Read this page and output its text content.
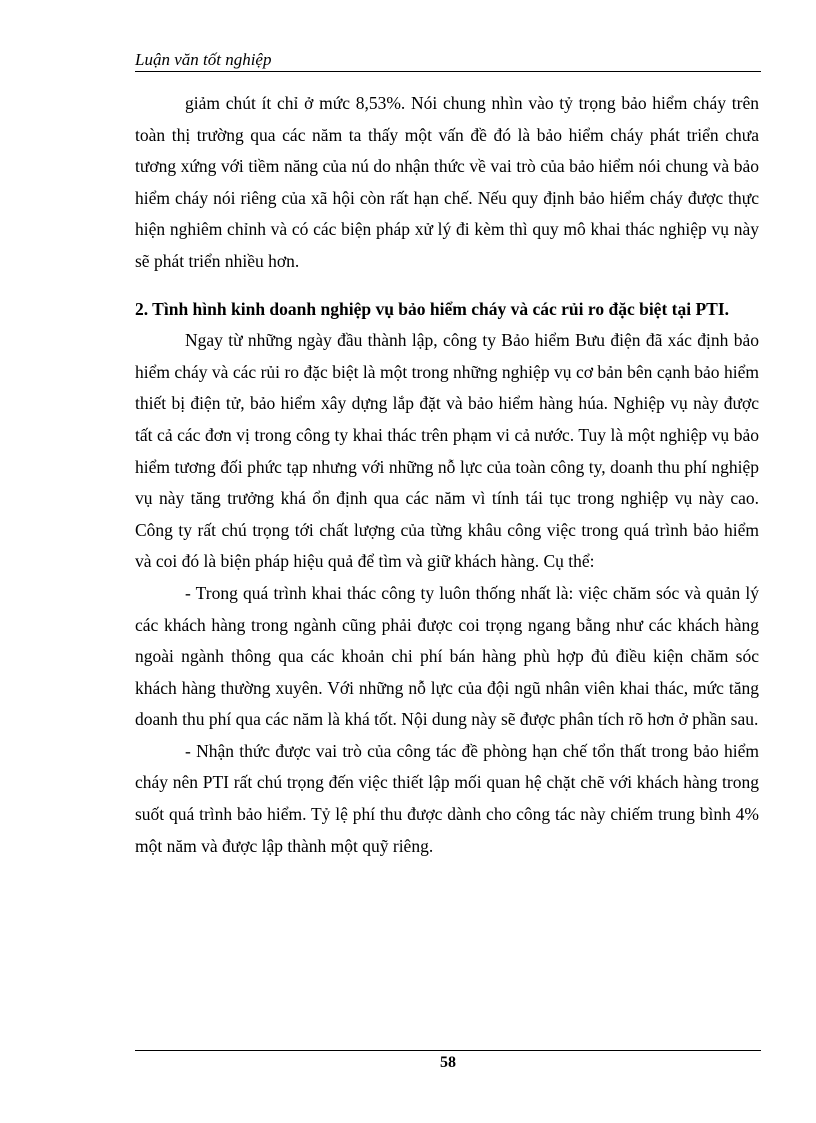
Luận văn tốt nghiệp

giảm chút ít chỉ ở mức 8,53%. Nói chung nhìn vào tỷ trọng bảo hiểm cháy trên toàn thị trường qua các năm ta thấy một vấn đề đó là bảo hiểm cháy phát triển chưa tương xứng với tiềm năng của nú do nhận thức về vai trò của bảo hiểm nói chung và bảo hiểm cháy nói riêng của xã hội còn rất hạn chế. Nếu quy định bảo hiểm cháy được thực hiện nghiêm chỉnh và có các biện pháp xử lý đi kèm thì quy mô khai thác nghiệp vụ này sẽ phát triển nhiều hơn.

2. Tình hình kinh doanh nghiệp vụ bảo hiểm cháy và các rủi ro đặc biệt tại PTI.

Ngay từ những ngày đầu thành lập, công ty Bảo hiểm Bưu điện đã xác định bảo hiểm cháy và các rủi ro đặc biệt là một trong những nghiệp vụ cơ bản bên cạnh bảo hiểm thiết bị điện tử, bảo hiểm xây dựng lắp đặt và bảo hiểm hàng húa. Nghiệp vụ này được tất cả các đơn vị trong công ty khai thác trên phạm vi cả nước. Tuy là một nghiệp vụ bảo hiểm tương đối phức tạp nhưng với những nỗ lực của toàn công ty, doanh thu phí nghiệp vụ này tăng trưởng khá ổn định qua các năm vì tính tái tục trong nghiệp vụ này cao. Công ty rất chú trọng tới chất lượng của từng khâu công việc trong quá trình bảo hiểm và coi đó là biện pháp hiệu quả để tìm và giữ khách hàng. Cụ thể:

- Trong quá trình khai thác công ty luôn thống nhất là: việc chăm sóc và quản lý các khách hàng trong ngành cũng phải được coi trọng ngang bằng như các khách hàng ngoài ngành thông qua các khoản chi phí bán hàng phù hợp đủ điều kiện chăm sóc khách hàng thường xuyên. Với những nỗ lực của đội ngũ nhân viên khai thác, mức tăng doanh thu phí qua các năm là khá tốt. Nội dung này sẽ được phân tích rõ hơn ở phần sau.

- Nhận thức được vai trò của công tác đề phòng hạn chế tổn thất trong bảo hiểm cháy nên PTI rất chú trọng đến việc thiết lập mối quan hệ chặt chẽ với khách hàng trong suốt quá trình bảo hiểm. Tỷ lệ phí thu được dành cho công tác này chiếm trung bình 4% một năm và được lập thành một quỹ riêng.

58
